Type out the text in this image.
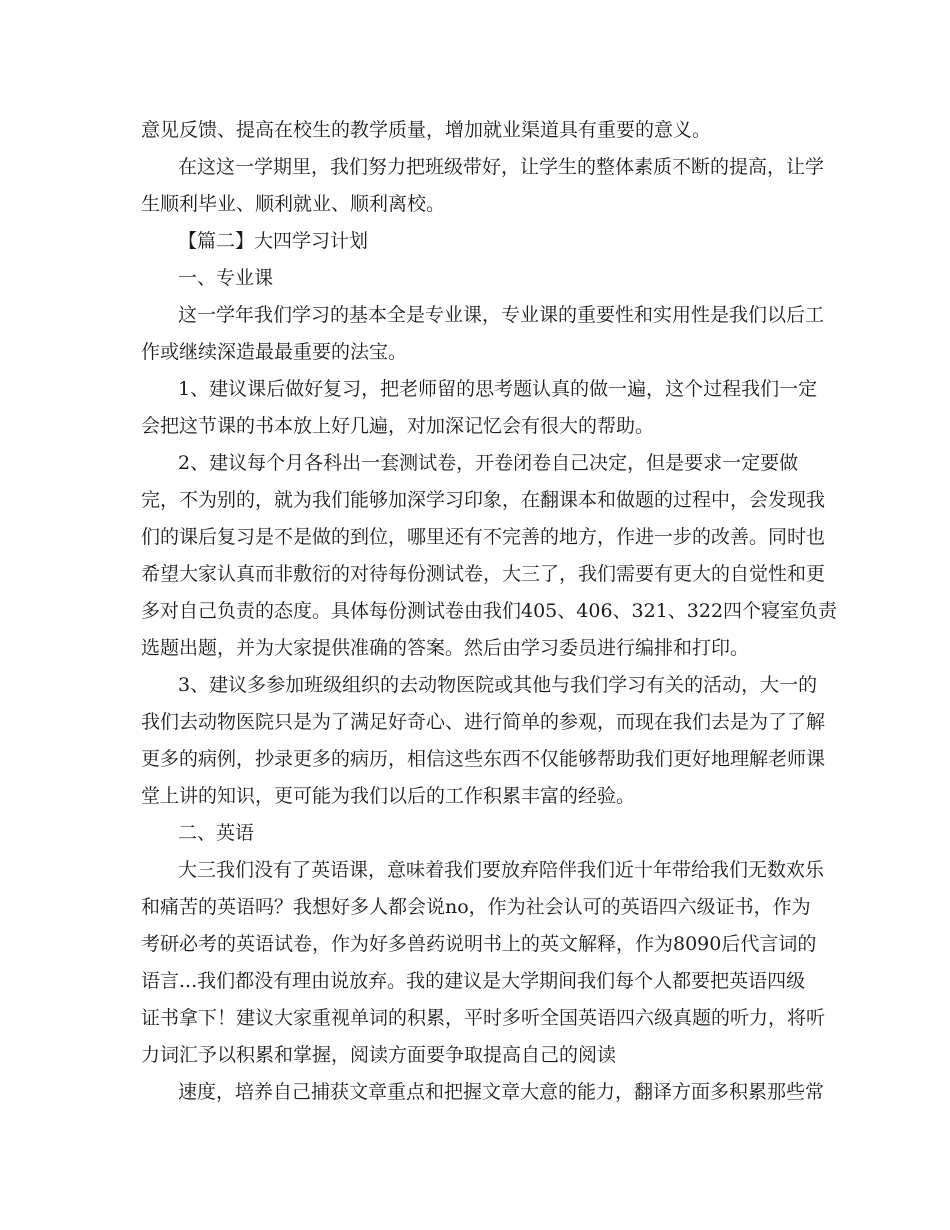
意见反馈、提高在校生的教学质量，增加就业渠道具有重要的意义。
在这这一学期里，我们努力把班级带好，让学生的整体素质不断的提高，让学
生顺利毕业、顺利就业、顺利离校。
【篇二】大四学习计划
一、专业课
这一学年我们学习的基本全是专业课，专业课的重要性和实用性是我们以后工
作或继续深造最最重要的法宝。
1、建议课后做好复习，把老师留的思考题认真的做一遍，这个过程我们一定
会把这节课的书本放上好几遍，对加深记忆会有很大的帮助。
2、建议每个月各科出一套测试卷，开卷闭卷自己决定，但是要求一定要做
完，不为别的，就为我们能够加深学习印象，在翻课本和做题的过程中，会发现我
们的课后复习是不是做的到位，哪里还有不完善的地方，作进一步的改善。同时也
希望大家认真而非敷衍的对待每份测试卷，大三了，我们需要有更大的自觉性和更
多对自己负责的态度。具体每份测试卷由我们405、406、321、322四个寝室负责
选题出题，并为大家提供准确的答案。然后由学习委员进行编排和打印。
3、建议多参加班级组织的去动物医院或其他与我们学习有关的活动，大一的
我们去动物医院只是为了满足好奇心、进行简单的参观，而现在我们去是为了了解
更多的病例，抄录更多的病历，相信这些东西不仅能够帮助我们更好地理解老师课
堂上讲的知识，更可能为我们以后的工作积累丰富的经验。
二、英语
大三我们没有了英语课，意味着我们要放弃陪伴我们近十年带给我们无数欢乐
和痛苦的英语吗？我想好多人都会说no，作为社会认可的英语四六级证书，作为
考研必考的英语试卷，作为好多兽药说明书上的英文解释，作为8090后代言词的
语言...我们都没有理由说放弃。我的建议是大学期间我们每个人都要把英语四级
证书拿下！建议大家重视单词的积累，平时多听全国英语四六级真题的听力，将听
力词汇予以积累和掌握，阅读方面要争取提高自己的阅读
速度，培养自己捕获文章重点和把握文章大意的能力，翻译方面多积累那些常
